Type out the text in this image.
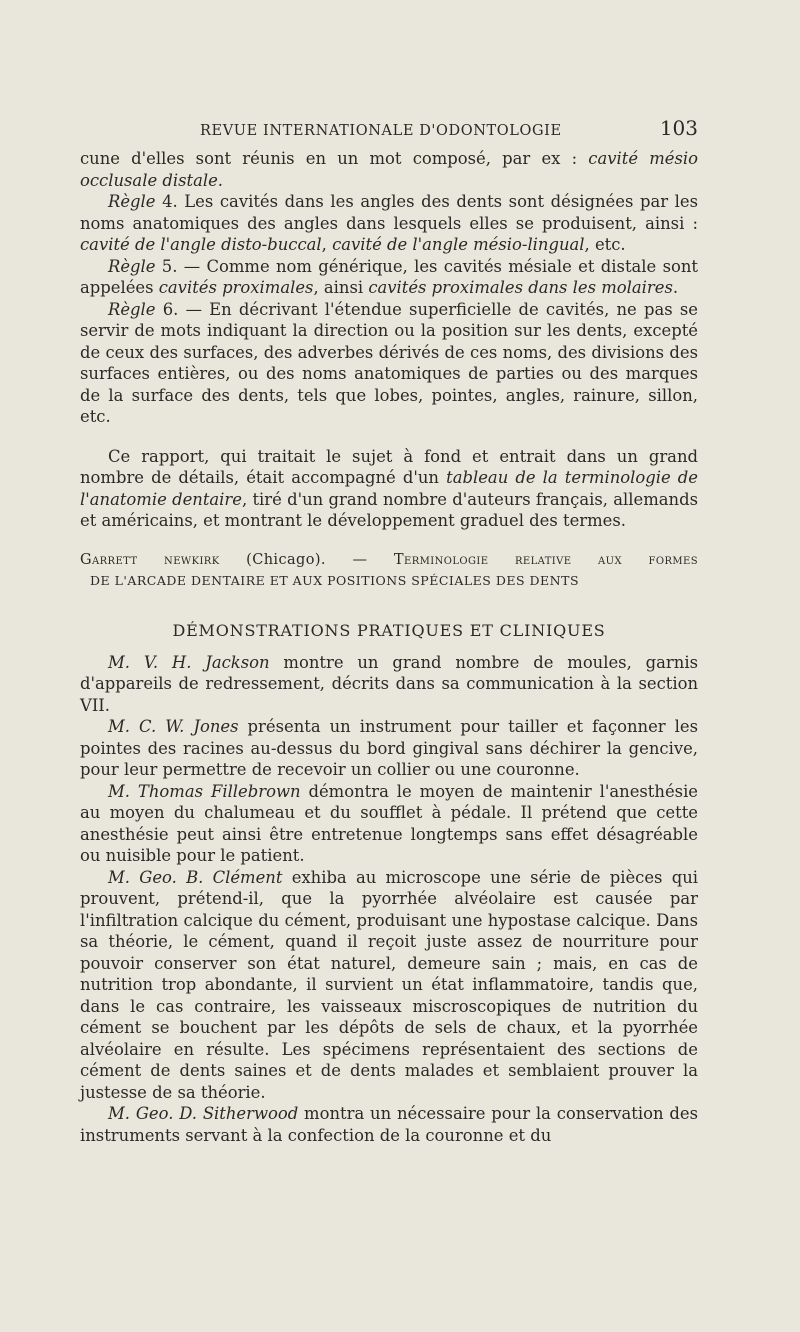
REVUE INTERNATIONALE D'ODONTOLOGIE	103

cune d'elles sont réunis en un mot composé, par ex : cavité mésio occlusale distale.

Règle 4. Les cavités dans les angles des dents sont désignées par les noms anatomiques des angles dans lesquels elles se produisent, ainsi : cavité de l'angle disto-buccal, cavité de l'angle mésio-lingual, etc.

Règle 5. — Comme nom générique, les cavités mésiale et distale sont appelées cavités proximales, ainsi cavités proximales dans les molaires.

Règle 6. — En décrivant l'étendue superficielle de cavités, ne pas se servir de mots indiquant la direction ou la position sur les dents, excepté de ceux des surfaces, des adverbes dérivés de ces noms, des divisions des surfaces entières, ou des noms anatomiques de parties ou des marques de la surface des dents, tels que lobes, pointes, angles, rainure, sillon, etc.

Ce rapport, qui traitait le sujet à fond et entrait dans un grand nombre de détails, était accompagné d'un tableau de la terminologie de l'anatomie dentaire, tiré d'un grand nombre d'auteurs français, allemands et américains, et montrant le développement graduel des termes.

Garrett newkirk (Chicago). — Terminologie relative aux formes
DE L'ARCADE DENTAIRE ET AUX POSITIONS SPÉCIALES DES DENTS
DÉMONSTRATIONS PRATIQUES ET CLINIQUES

M. V. H. Jackson montre un grand nombre de moules, garnis d'appareils de redressement, décrits dans sa communication à la section VII.

M. C. W. Jones présenta un instrument pour tailler et façonner les pointes des racines au-dessus du bord gingival sans déchirer la gencive, pour leur permettre de recevoir un collier ou une couronne.

M. Thomas Fillebrown démontra le moyen de maintenir l'anesthésie au moyen du chalumeau et du soufflet à pédale. Il prétend que cette anesthésie peut ainsi être entretenue longtemps sans effet désagréable ou nuisible pour le patient.

M. Geo. B. Clément exhiba au microscope une série de pièces qui prouvent, prétend-il, que la pyorrhée alvéolaire est causée par l'infiltration calcique du cément, produisant une hypostase calcique. Dans sa théorie, le cément, quand il reçoit juste assez de nourriture pour pouvoir conserver son état naturel, demeure sain ; mais, en cas de nutrition trop abondante, il survient un état inflammatoire, tandis que, dans le cas contraire, les vaisseaux miscroscopiques de nutrition du cément se bouchent par les dépôts de sels de chaux, et la pyorrhée alvéolaire en résulte. Les spécimens représentaient des sections de cément de dents saines et de dents malades et semblaient prouver la justesse de sa théorie.

M. Geo. D. Sitherwood montra un nécessaire pour la conservation des instruments servant à la confection de la couronne et du
